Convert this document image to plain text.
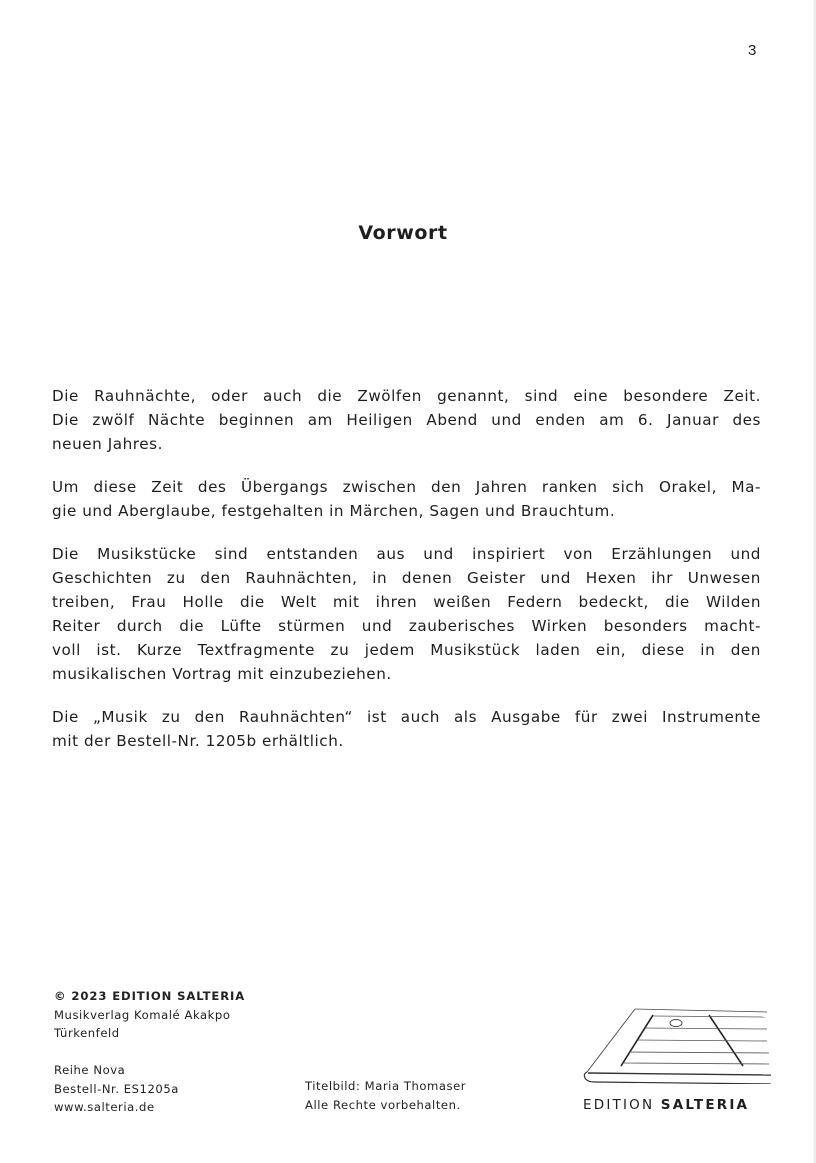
3
Vorwort

Die Rauhnächte, oder auch die Zwölfen genannt, sind eine besondere Zeit.
Die zwölf Nächte beginnen am Heiligen Abend und enden am 6. Januar des
neuen Jahres.

Um diese Zeit des Übergangs zwischen den Jahren ranken sich Orakel, Ma-
gie und Aberglaube, festgehalten in Märchen, Sagen und Brauchtum.

Die Musikstücke sind entstanden aus und inspiriert von Erzählungen und
Geschichten zu den Rauhnächten, in denen Geister und Hexen ihr Unwesen
treiben, Frau Holle die Welt mit ihren weißen Federn bedeckt, die Wilden
Reiter durch die Lüfte stürmen und zauberisches Wirken besonders macht-
voll ist. Kurze Textfragmente zu jedem Musikstück laden ein, diese in den
musikalischen Vortrag mit einzubeziehen.

Die „Musik zu den Rauhnächten“ ist auch als Ausgabe für zwei Instrumente
mit der Bestell-Nr. 1205b erhältlich.

© 2023 EDITION SALTERIA
Musikverlag Komalé Akakpo
Türkenfeld
Reihe Nova
Bestell-Nr. ES1205a
www.salteria.de
Titelbild: Maria Thomaser
Alle Rechte vorbehalten.	EDITION SALTERIA
